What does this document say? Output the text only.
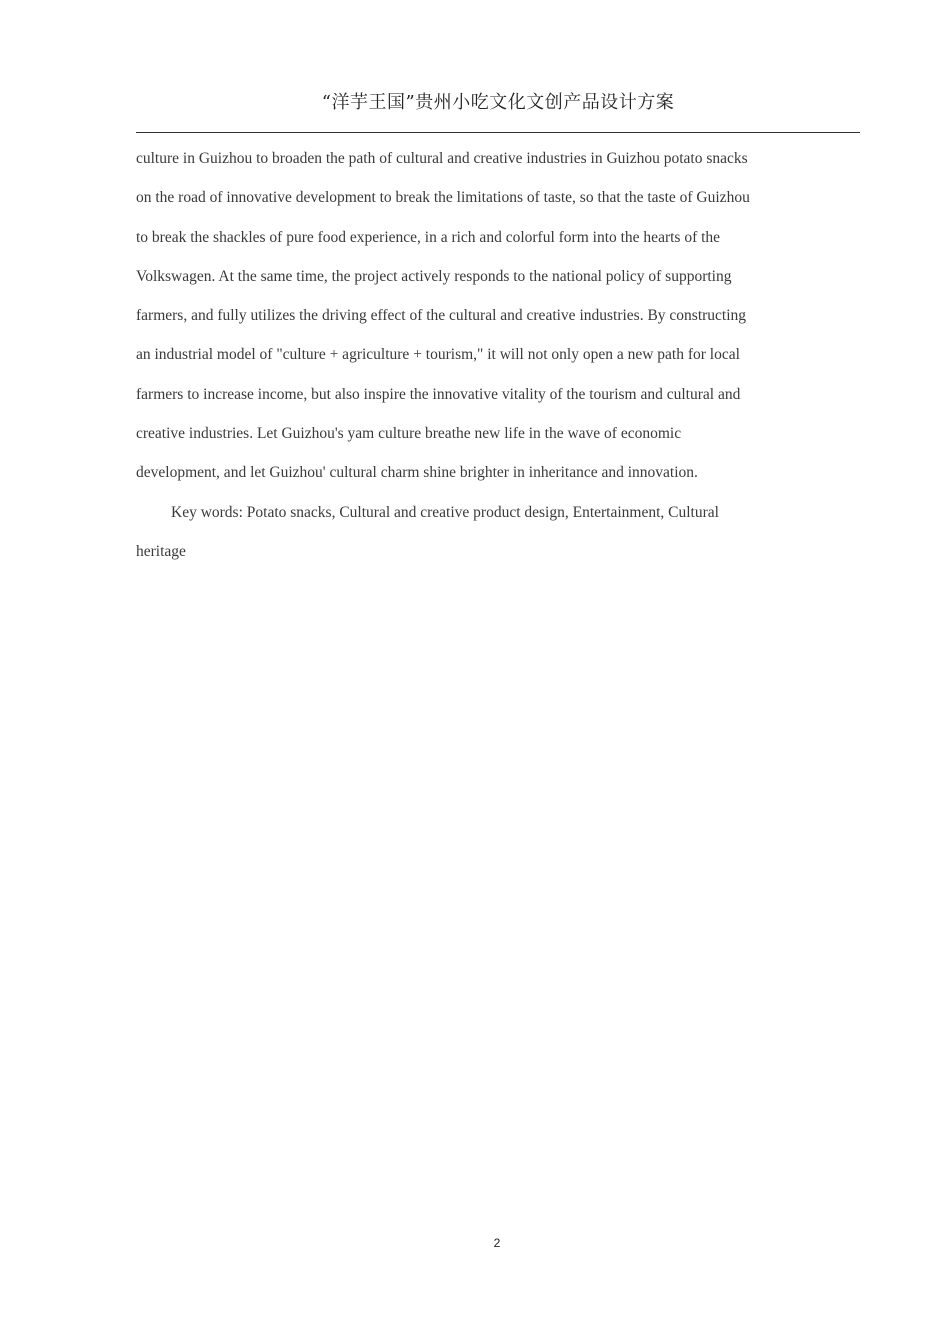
“洋芋王国”贵州小吃文化文创产品设计方案
culture in Guizhou to broaden the path of cultural and creative industries in Guizhou potato snacks
on the road of innovative development to break the limitations of taste, so that the taste of Guizhou
to break the shackles of pure food experience, in a rich and colorful form into the hearts of the
Volkswagen. At the same time, the project actively responds to the national policy of supporting
farmers, and fully utilizes the driving effect of the cultural and creative industries. By constructing
an industrial model of "culture + agriculture + tourism," it will not only open a new path for local
farmers to increase income, but also inspire the innovative vitality of the tourism and cultural and
creative industries. Let Guizhou's yam culture breathe new life in the wave of economic
development, and let Guizhou' cultural charm shine brighter in inheritance and innovation.
Key words: Potato snacks, Cultural and creative product design, Entertainment, Cultural
heritage
2
